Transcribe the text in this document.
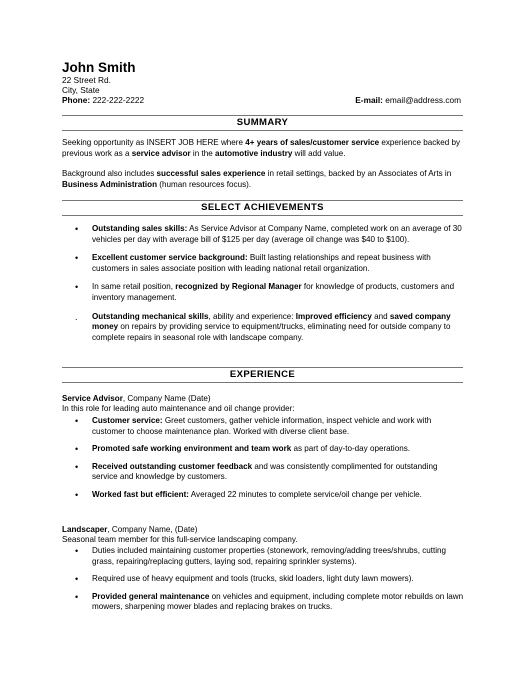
John Smith
22 Street Rd.
City, State
Phone: 222-222-2222	E-mail: email@address.com
SUMMARY
Seeking opportunity as INSERT JOB HERE where 4+ years of sales/customer service experience backed by previous work as a service advisor in the automotive industry will add value.
Background also includes successful sales experience in retail settings, backed by an Associates of Arts in Business Administration (human resources focus).
SELECT ACHIEVEMENTS
• Outstanding sales skills: As Service Advisor at Company Name, completed work on an average of 30 vehicles per day with average bill of $125 per day (average oil change was $40 to $100).
• Excellent customer service background: Built lasting relationships and repeat business with customers in sales associate position with leading national retail organization.
• In same retail position, recognized by Regional Manager for knowledge of products, customers and inventory management.
. Outstanding mechanical skills, ability and experience: Improved efficiency and saved company money on repairs by providing service to equipment/trucks, eliminating need for outside company to complete repairs in seasonal role with landscape company.
EXPERIENCE
Service Advisor, Company Name (Date)
In this role for leading auto maintenance and oil change provider:
• Customer service: Greet customers, gather vehicle information, inspect vehicle and work with customer to choose maintenance plan. Worked with diverse client base.
• Promoted safe working environment and team work as part of day-to-day operations.
• Received outstanding customer feedback and was consistently complimented for outstanding service and knowledge by customers.
• Worked fast but efficient: Averaged 22 minutes to complete service/oil change per vehicle.
Landscaper, Company Name, (Date)
Seasonal team member for this full-service landscaping company.
• Duties included maintaining customer properties (stonework, removing/adding trees/shrubs, cutting grass, repairing/replacing gutters, laying sod, repairing sprinkler systems).
• Required use of heavy equipment and tools (trucks, skid loaders, light duty lawn mowers).
• Provided general maintenance on vehicles and equipment, including complete motor rebuilds on lawn mowers, sharpening mower blades and replacing brakes on trucks.
